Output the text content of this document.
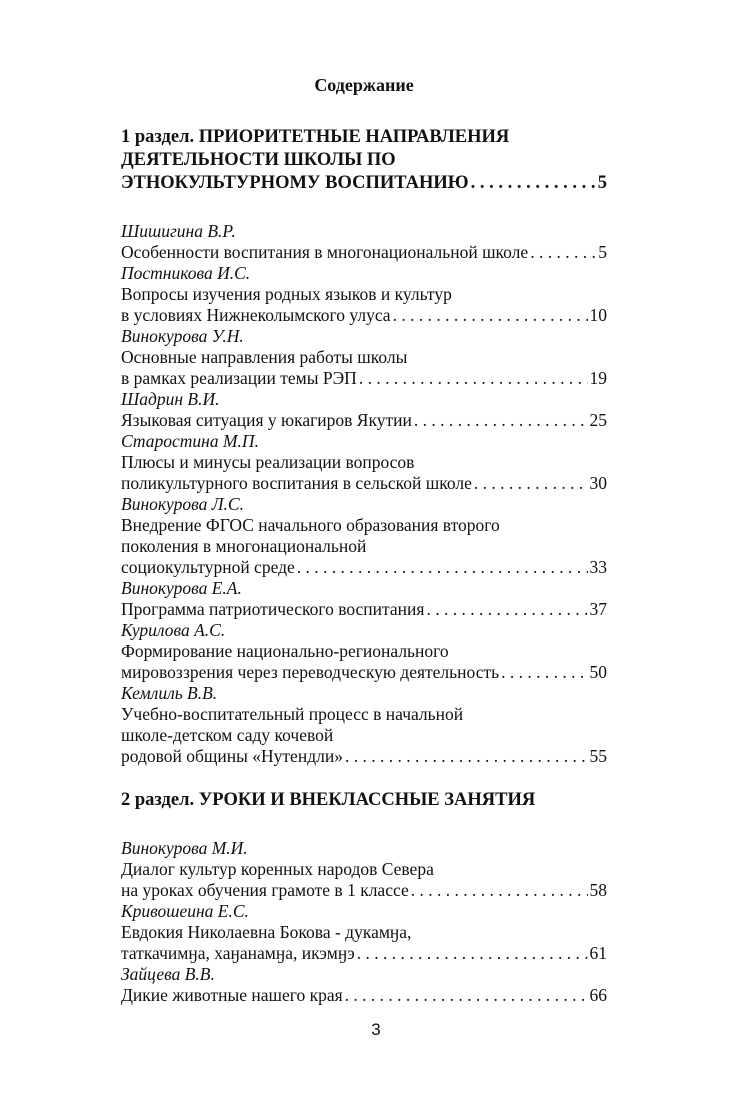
Содержание
1 раздел. ПРИОРИТЕТНЫЕ НАПРАВЛЕНИЯ
ДЕЯТЕЛЬНОСТИ ШКОЛЫ ПО
ЭТНОКУЛЬТУРНОМУ ВОСПИТАНИЮ . . .	5
Шишигина В.Р.
Особенности воспитания в многонациональной школе . . .	5
Постникова И.С.
Вопросы изучения родных языков и культур
в условиях Нижнеколымского улуса . . .	10
Винокурова У.Н.
Основные направления работы школы
в рамках реализации темы РЭП . . .	19
Шадрин В.И.
Языковая ситуация у юкагиров Якутии . . .	25
Старостина М.П.
Плюсы и минусы реализации вопросов
поликультурного воспитания в сельской школе . . .	30
Винокурова Л.С.
Внедрение ФГОС начального образования второго
поколения в многонациональной
социокультурной среде . . .	33
Винокурова Е.А.
Программа патриотического воспитания . . .	37
Курилова А.С.
Формирование национально-регионального
мировоззрения через переводческую деятельность . . .	50
Кемлиль В.В.
Учебно-воспитательный процесс в начальной
школе-детском саду кочевой
родовой общины «Нутендли» . . .	55
2 раздел. УРОКИ И ВНЕКЛАССНЫЕ ЗАНЯТИЯ
Винокурова М.И.
Диалог культур коренных народов Севера
на уроках обучения грамоте в 1 классе . . .	58
Кривошеина Е.С.
Евдокия Николаевна Бокова - дукамӈа,
таткачимӈа, хаӈанамӈа, икэмӈэ . . .	61
Зайцева В.В.
Дикие животные нашего края . . .	66
3
